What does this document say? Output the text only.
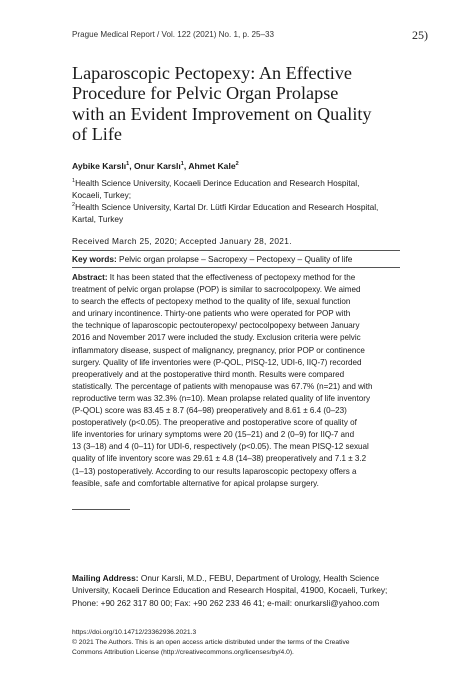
Prague Medical Report / Vol. 122 (2021) No. 1, p. 25–33	25)
Laparoscopic Pectopexy: An Effective
Procedure for Pelvic Organ Prolapse
with an Evident Improvement on Quality
of Life
Aybike Karslı$^1$, Onur Karslı$^1$, Ahmet Kale$^2$
$^1$Health Science University, Kocaeli Derince Education and Research Hospital,
Kocaeli, Turkey;
$^2$Health Science University, Kartal Dr. Lütfi Kirdar Education and Research Hospital,
Kartal, Turkey
Received March 25, 2020; Accepted January 28, 2021.
Key words: Pelvic organ prolapse – Sacropexy – Pectopexy – Quality of life
Abstract: It has been stated that the effectiveness of pectopexy method for the
treatment of pelvic organ prolapse (POP) is similar to sacrocolpopexy. We aimed
to search the effects of pectopexy method to the quality of life, sexual function
and urinary incontinence. Thirty-one patients who were operated for POP with
the technique of laparoscopic pectouteropexy/ pectocolpopexy between January
2016 and November 2017 were included the study. Exclusion criteria were pelvic
inflammatory disease, suspect of malignancy, pregnancy, prior POP or continence
surgery. Quality of life inventories were (P-QOL, PISQ-12, UDI-6, IIQ-7) recorded
preoperatively and at the postoperative third month. Results were compared
statistically. The percentage of patients with menopause was 67.7% (n=21) and with
reproductive term was 32.3% (n=10). Mean prolapse related quality of life inventory
(P-QOL) score was 83.45 ± 8.7 (64–98) preoperatively and 8.61 ± 6.4 (0–23)
postoperatively (p<0.05). The preoperative and postoperative score of quality of
life inventories for urinary symptoms were 20 (15–21) and 2 (0–9) for IIQ-7 and
13 (3–18) and 4 (0–11) for UDI-6, respectively (p<0.05). The mean PISQ-12 sexual
quality of life inventory score was 29.61 ± 4.8 (14–38) preoperatively and 7.1 ± 3.2
(1–13) postoperatively. According to our results laparoscopic pectopexy offers a
feasible, safe and comfortable alternative for apical prolapse surgery.
Mailing Address: Onur Karsli, M.D., FEBU, Department of Urology, Health Science
University, Kocaeli Derince Education and Research Hospital, 41900, Kocaeli, Turkey;
Phone: +90 262 317 80 00; Fax: +90 262 233 46 41; e-mail: onurkarsli@yahoo.com
https://doi.org/10.14712/23362936.2021.3
© 2021 The Authors. This is an open access article distributed under the terms of the Creative
Commons Attribution License (http://creativecommons.org/licenses/by/4.0).
